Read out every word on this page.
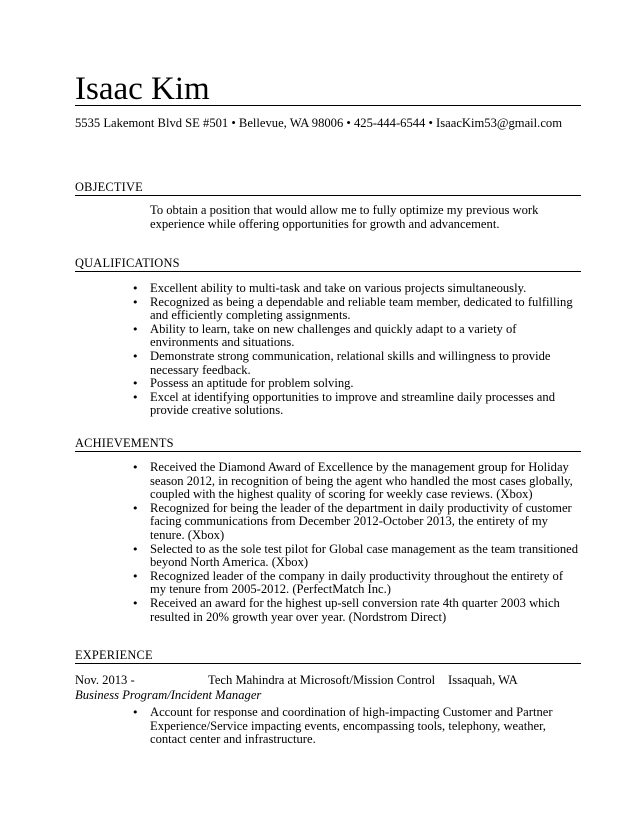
Isaac Kim
5535 Lakemont Blvd SE #501 • Bellevue, WA 98006 • 425-444-6544 • IsaacKim53@gmail.com
OBJECTIVE
To obtain a position that would allow me to fully optimize my previous work experience while offering opportunities for growth and advancement.
QUALIFICATIONS
• Excellent ability to multi-task and take on various projects simultaneously.
• Recognized as being a dependable and reliable team member, dedicated to fulfilling and efficiently completing assignments.
• Ability to learn, take on new challenges and quickly adapt to a variety of environments and situations.
• Demonstrate strong communication, relational skills and willingness to provide necessary feedback.
• Possess an aptitude for problem solving.
• Excel at identifying opportunities to improve and streamline daily processes and provide creative solutions.
ACHIEVEMENTS
• Received the Diamond Award of Excellence by the management group for Holiday season 2012, in recognition of being the agent who handled the most cases globally, coupled with the highest quality of scoring for weekly case reviews. (Xbox)
• Recognized for being the leader of the department in daily productivity of customer facing communications from December 2012-October 2013, the entirety of my tenure. (Xbox)
• Selected to as the sole test pilot for Global case management as the team transitioned beyond North America. (Xbox)
• Recognized leader of the company in daily productivity throughout the entirety of my tenure from 2005-2012. (PerfectMatch Inc.)
• Received an award for the highest up-sell conversion rate 4th quarter 2003 which resulted in 20% growth year over year. (Nordstrom Direct)
EXPERIENCE
Nov. 2013 -	Tech Mahindra at Microsoft/Mission Control Issaquah, WA
Business Program/Incident Manager
• Account for response and coordination of high-impacting Customer and Partner Experience/Service impacting events, encompassing tools, telephony, weather, contact center and infrastructure.
